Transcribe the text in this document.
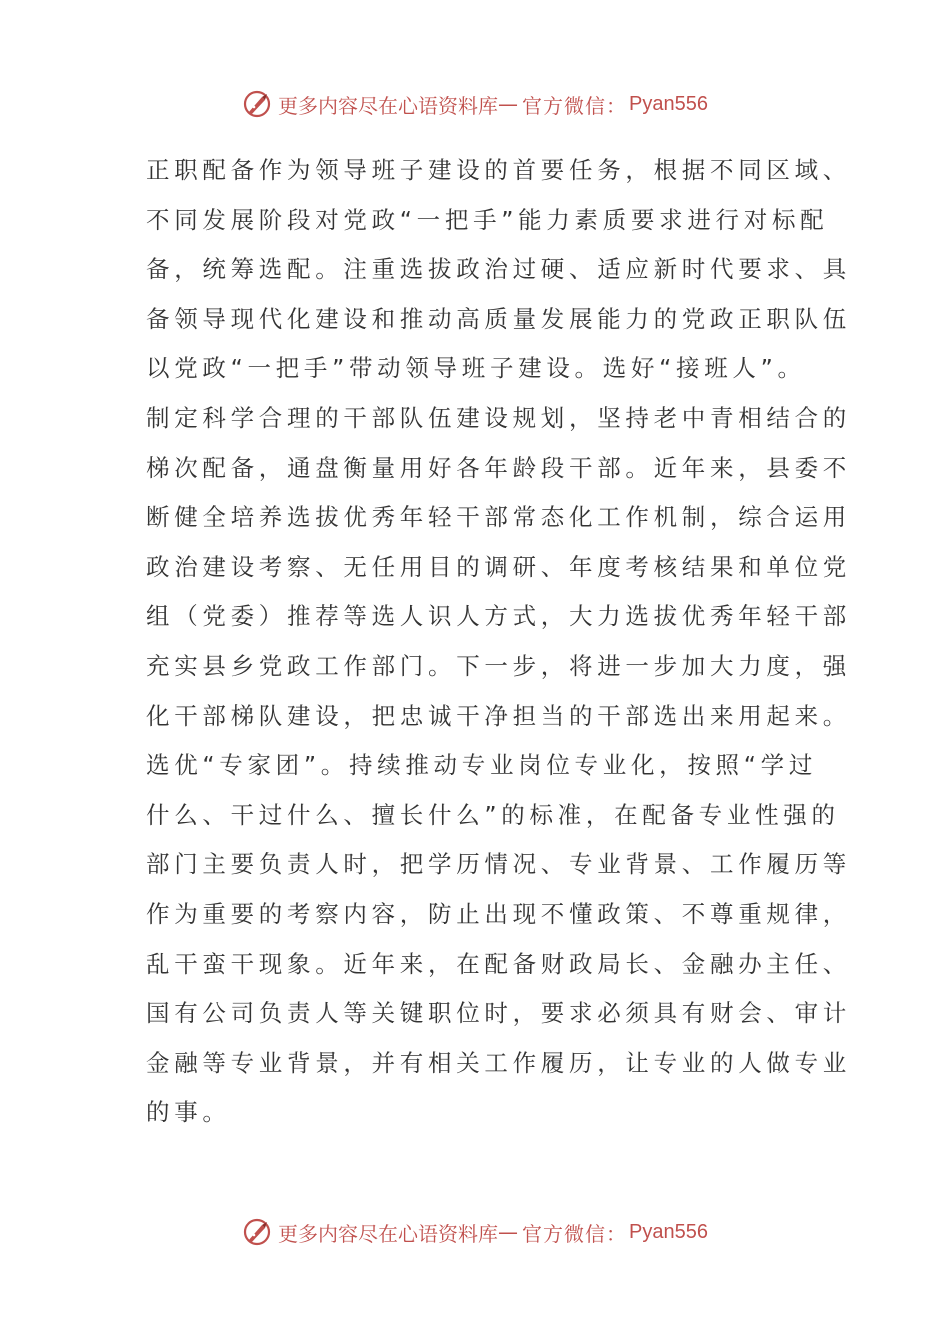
更多内容尽在心语资料库 — 官方微信： Pyan556
正职配备作为领导班子建设的首要任务，根据不同区域、
不同发展阶段对党政“一把手”能力素质要求进行对标配
备，统筹选配。注重选拔政治过硬、适应新时代要求、具
备领导现代化建设和推动高质量发展能力的党政正职队伍
以党政“一把手”带动领导班子建设。选好“接班人”。
制定科学合理的干部队伍建设规划，坚持老中青相结合的
梯次配备，通盘衡量用好各年龄段干部。近年来，县委不
断健全培养选拔优秀年轻干部常态化工作机制，综合运用
政治建设考察、无任用目的调研、年度考核结果和单位党
组（党委）推荐等选人识人方式，大力选拔优秀年轻干部
充实县乡党政工作部门。下一步，将进一步加大力度，强
化干部梯队建设，把忠诚干净担当的干部选出来用起来。
选优“专家团”。持续推动专业岗位专业化，按照“学过
什么、干过什么、擅长什么”的标准，在配备专业性强的
部门主要负责人时，把学历情况、专业背景、工作履历等
作为重要的考察内容，防止出现不懂政策、不尊重规律，
乱干蛮干现象。近年来，在配备财政局长、金融办主任、
国有公司负责人等关键职位时，要求必须具有财会、审计
金融等专业背景，并有相关工作履历，让专业的人做专业
的事。
更多内容尽在心语资料库 — 官方微信： Pyan556
